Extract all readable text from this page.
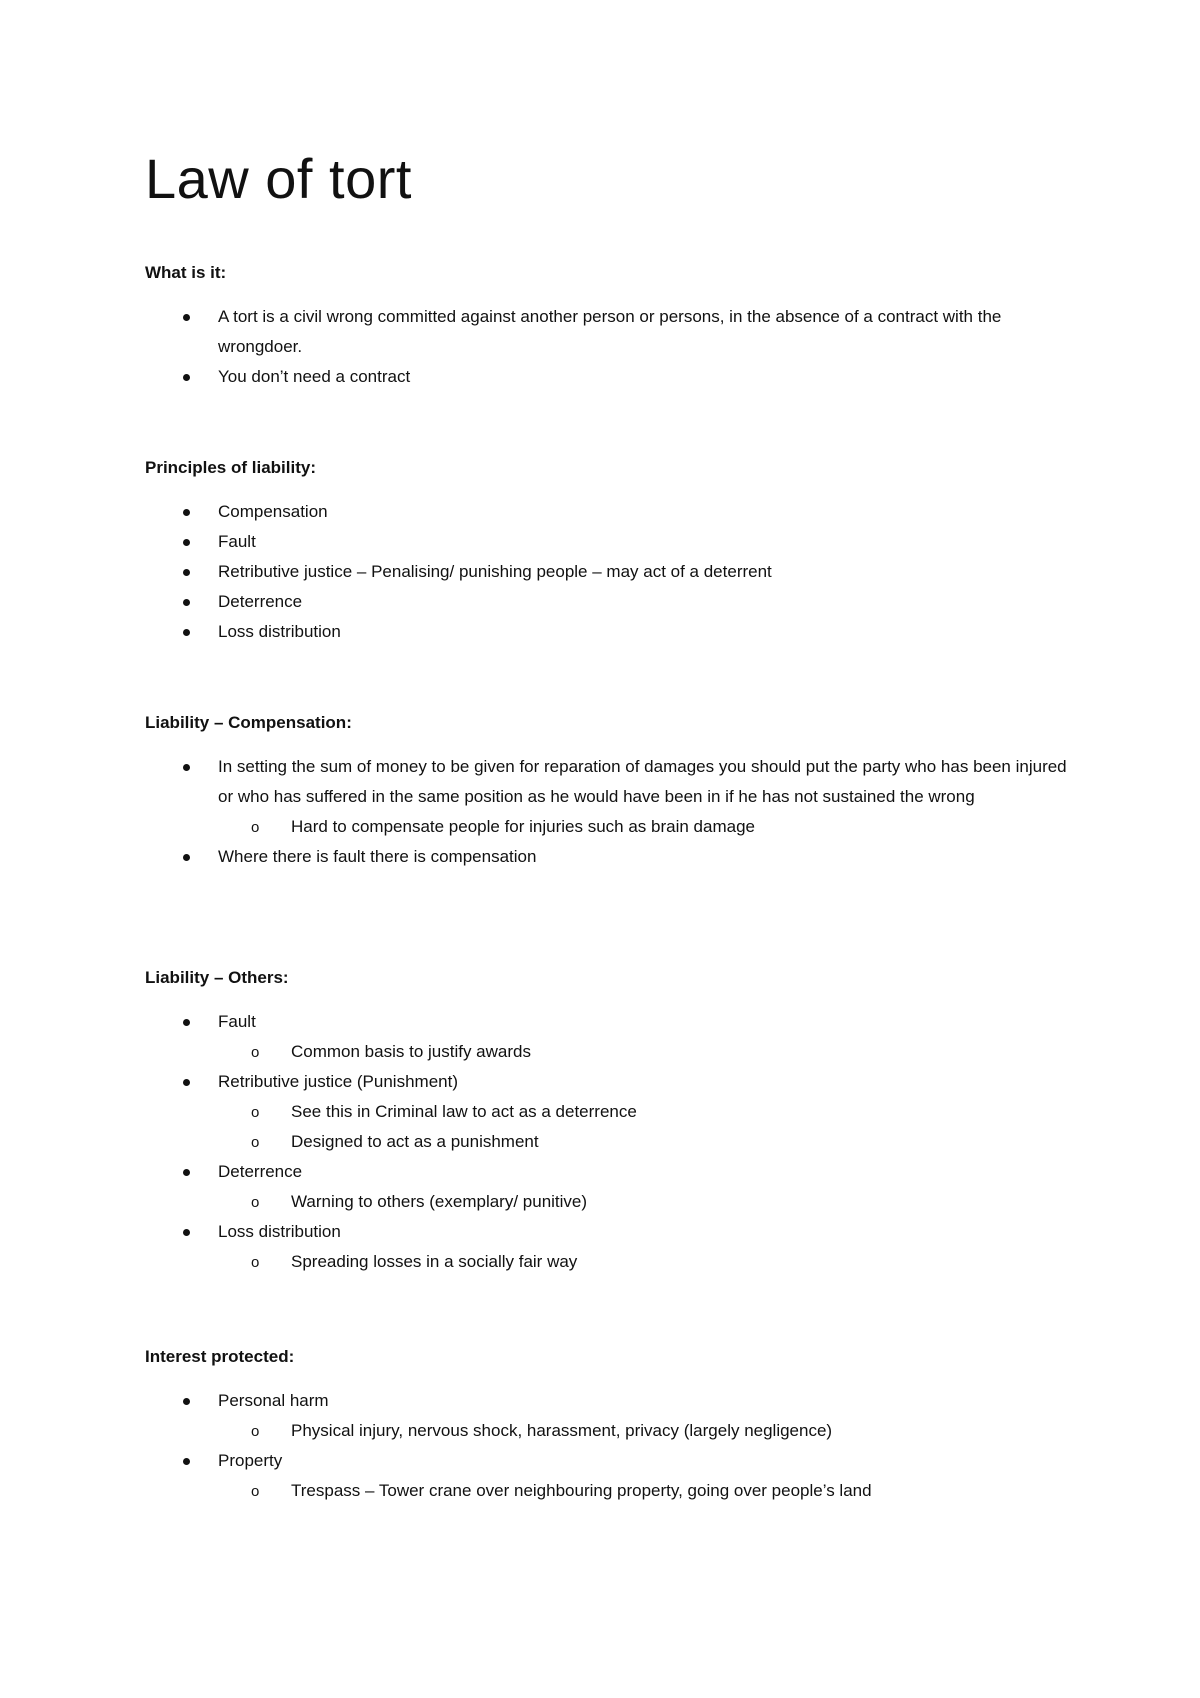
Law of tort
What is it:
A tort is a civil wrong committed against another person or persons, in the absence of a contract with the wrongdoer.
You don’t need a contract
Principles of liability:
Compensation
Fault
Retributive justice – Penalising/ punishing people – may act of a deterrent
Deterrence
Loss distribution
Liability – Compensation:
In setting the sum of money to be given for reparation of damages you should put the party who has been injured or who has suffered in the same position as he would have been in if he has not sustained the wrong
o Hard to compensate people for injuries such as brain damage
Where there is fault there is compensation
Liability – Others:
Fault
o Common basis to justify awards
Retributive justice (Punishment)
o See this in Criminal law to act as a deterrence
o Designed to act as a punishment
Deterrence
o Warning to others (exemplary/ punitive)
Loss distribution
o Spreading losses in a socially fair way
Interest protected:
Personal harm
o Physical injury, nervous shock, harassment, privacy (largely negligence)
Property
o Trespass – Tower crane over neighbouring property, going over people’s land
